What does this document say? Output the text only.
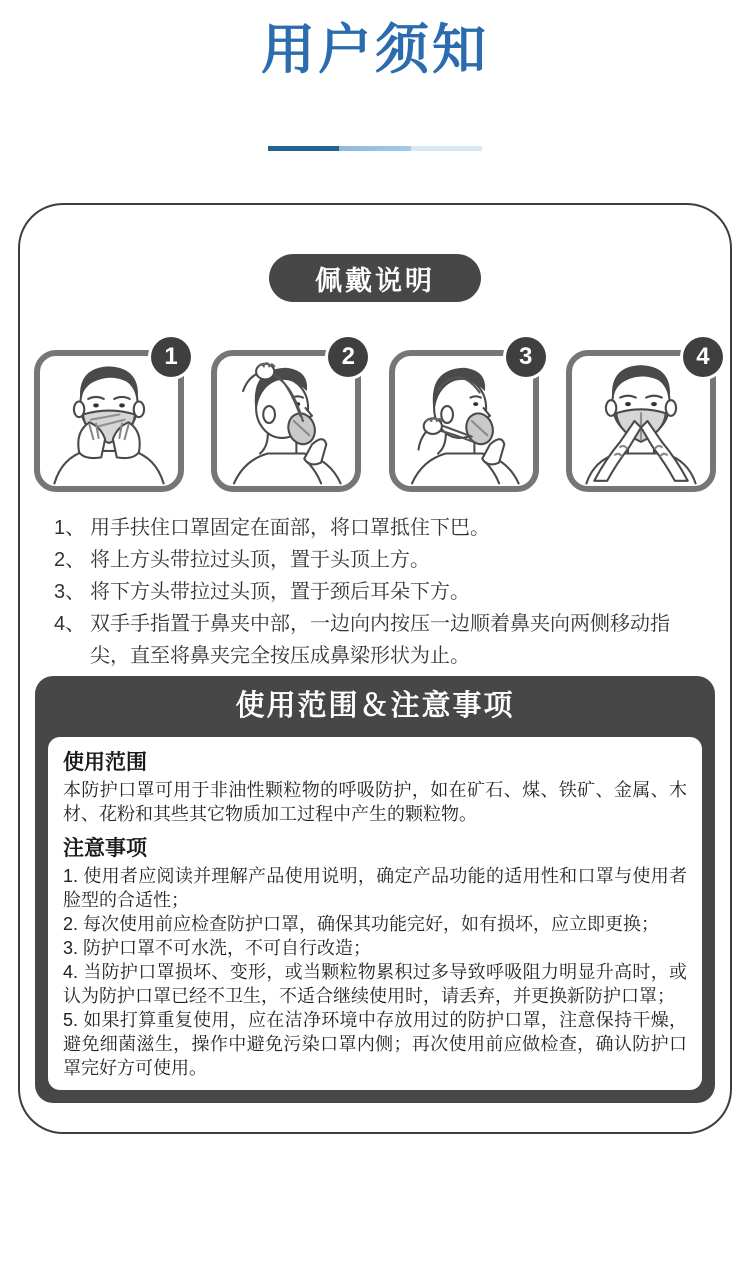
用户须知
佩戴说明
1	2	3	4
1、 用手扶住口罩固定在面部，将口罩抵住下巴。
2、 将上方头带拉过头顶，置于头顶上方。
3、 将下方头带拉过头顶，置于颈后耳朵下方。
4、 双手手指置于鼻夹中部，一边向内按压一边顺着鼻夹向两侧移动指尖，直至将鼻夹完全按压成鼻梁形状为止。
使用范围＆注意事项
使用范围

本防护口罩可用于非油性颗粒物的呼吸防护，如在矿石、煤、铁矿、金属、木材、花粉和其些其它物质加工过程中产生的颗粒物。

注意事项

1. 使用者应阅读并理解产品使用说明，确定产品功能的适用性和口罩与使用者脸型的合适性；

2. 每次使用前应检查防护口罩，确保其功能完好，如有损坏，应立即更换；

3. 防护口罩不可水洗，不可自行改造；

4. 当防护口罩损坏、变形，或当颗粒物累积过多导致呼吸阻力明显升高时，或认为防护口罩已经不卫生，不适合继续使用时，请丢弃，并更换新防护口罩；

5. 如果打算重复使用，应在洁净环境中存放用过的防护口罩，注意保持干燥，避免细菌滋生，操作中避免污染口罩内侧；再次使用前应做检查，确认防护口罩完好方可使用。
